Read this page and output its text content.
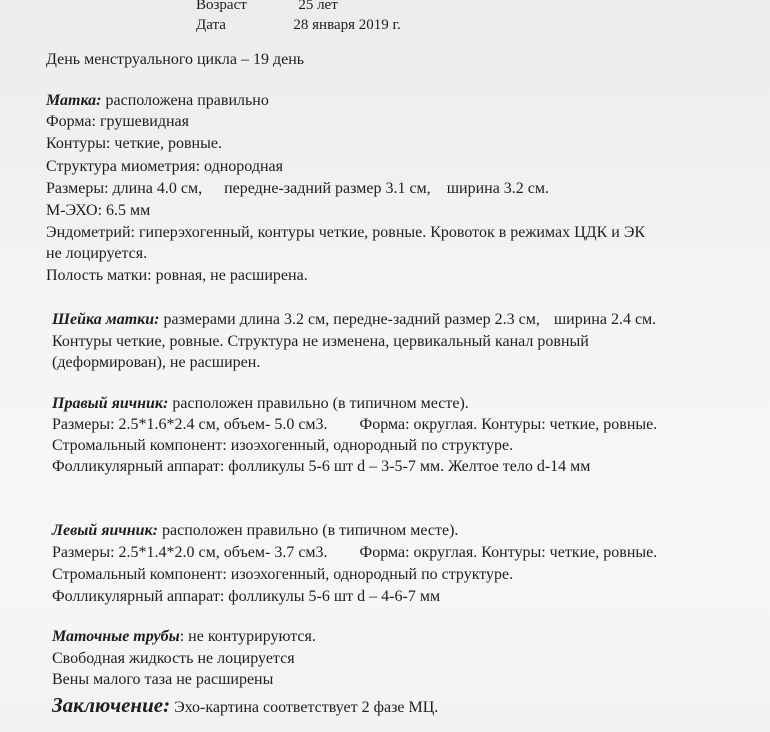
Возраст	25 лет
Дата	28 января 2019 г.
День менструального цикла – 19 день
Матка: расположена правильно
Форма: грушевидная
Контуры: четкие, ровные.
Структура миометрия: однородная
Размеры: длина 4.0 см, передне-задний размер 3.1 см, ширина 3.2 см.
М-ЭХО: 6.5 мм
Эндометрий: гиперэхогенный, контуры четкие, ровные. Кровоток в режимах ЦДК и ЭК
не лоцируется.
Полость матки: ровная, не расширена.
Шейка матки: размерами длина 3.2 см, передне-задний размер 2.3 см, ширина 2.4 см.
Контуры четкие, ровные. Структура не изменена, цервикальный канал ровный
(деформирован), не расширен.
Правый яичник: расположен правильно (в типичном месте).
Размеры: 2.5*1.6*2.4 см, объем- 5.0 см3. Форма: округлая. Контуры: четкие, ровные.
Стромальный компонент: изоэхогенный, однородный по структуре.
Фолликулярный аппарат: фолликулы 5-6 шт d – 3-5-7 мм. Желтое тело d-14 мм
Левый яичник: расположен правильно (в типичном месте).
Размеры: 2.5*1.4*2.0 см, объем- 3.7 см3. Форма: округлая. Контуры: четкие, ровные.
Стромальный компонент: изоэхогенный, однородный по структуре.
Фолликулярный аппарат: фолликулы 5-6 шт d – 4-6-7 мм
Маточные трубы: не контурируются.
Свободная жидкость не лоцируется
Вены малого таза не расширены
Заключение: Эхо-картина соответствует 2 фазе МЦ.
